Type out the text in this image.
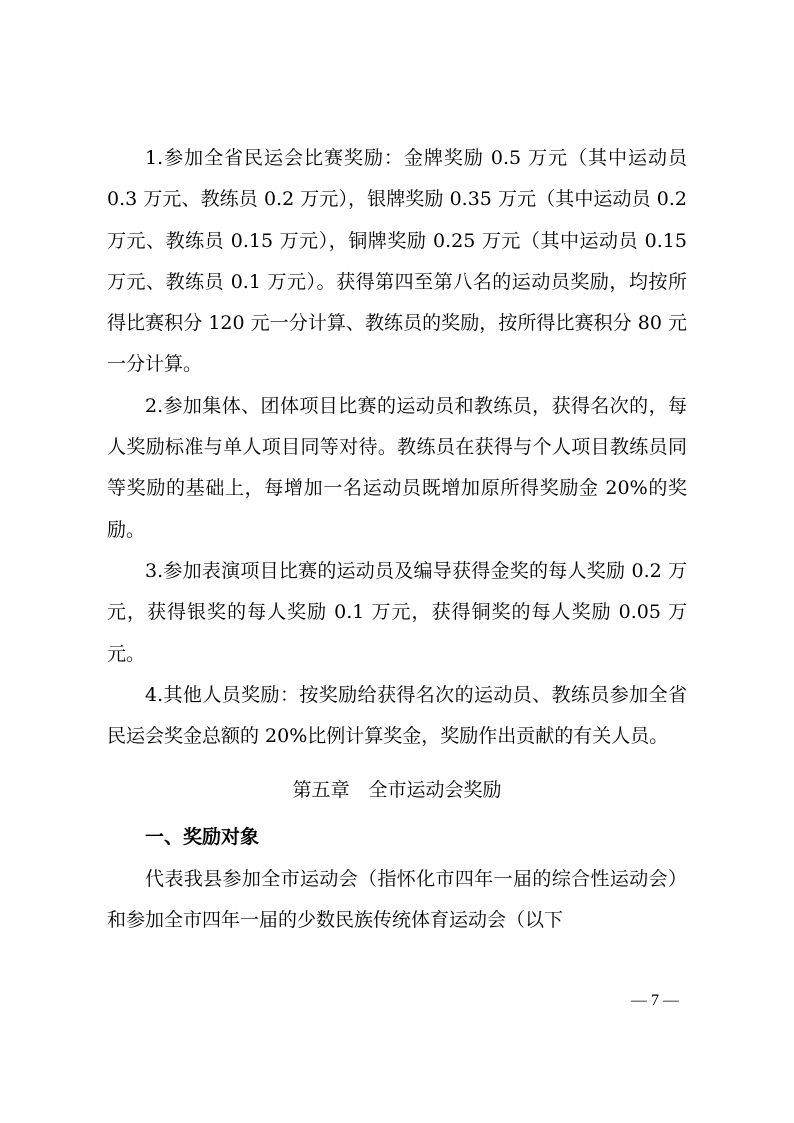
1.参加全省民运会比赛奖励：金牌奖励 0.5 万元（其中运动员 0.3 万元、教练员 0.2 万元），银牌奖励 0.35 万元（其中运动员 0.2 万元、教练员 0.15 万元），铜牌奖励 0.25 万元（其中运动员 0.15 万元、教练员 0.1 万元）。获得第四至第八名的运动员奖励，均按所得比赛积分 120 元一分计算、教练员的奖励，按所得比赛积分 80 元一分计算。

2.参加集体、团体项目比赛的运动员和教练员，获得名次的，每人奖励标准与单人项目同等对待。教练员在获得与个人项目教练员同等奖励的基础上，每增加一名运动员既增加原所得奖励金 20%的奖励。

3.参加表演项目比赛的运动员及编导获得金奖的每人奖励 0.2 万元，获得银奖的每人奖励 0.1 万元，获得铜奖的每人奖励 0.05 万元。

4.其他人员奖励：按奖励给获得名次的运动员、教练员参加全省民运会奖金总额的 20%比例计算奖金，奖励作出贡献的有关人员。

第五章　全市运动会奖励

一、奖励对象

代表我县参加全市运动会（指怀化市四年一届的综合性运动会）和参加全市四年一届的少数民族传统体育运动会（以下

— 7 —
